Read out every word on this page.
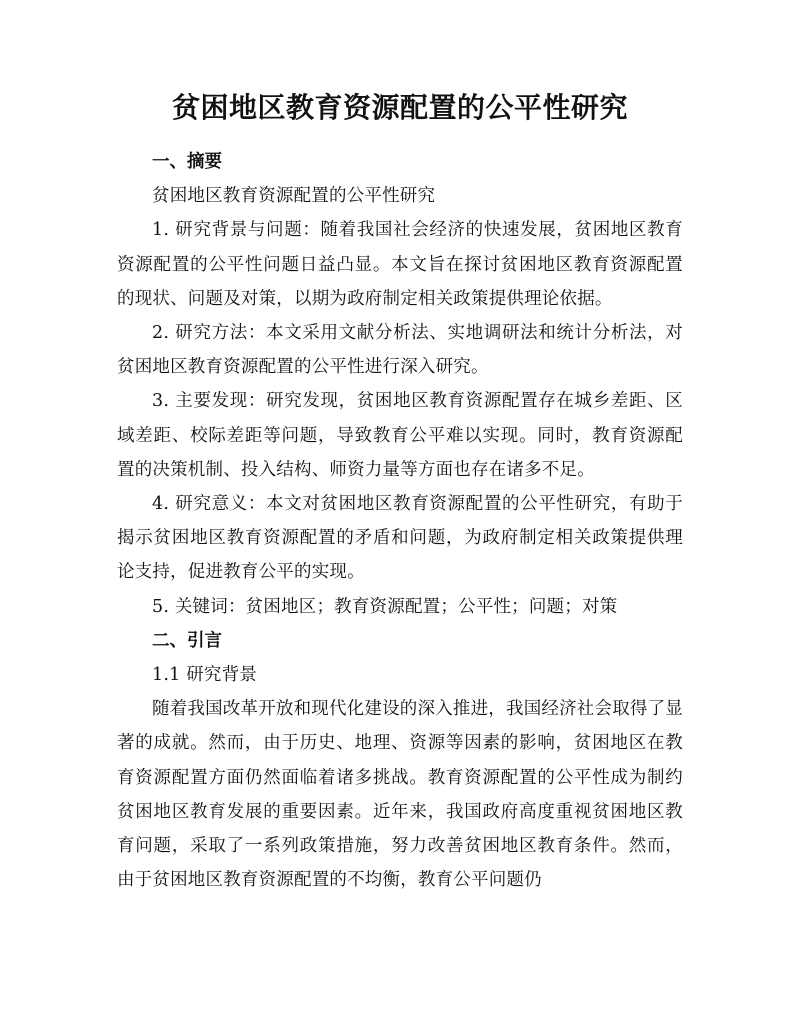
贫困地区教育资源配置的公平性研究

一、摘要

贫困地区教育资源配置的公平性研究

1. 研究背景与问题：随着我国社会经济的快速发展，贫困地区教育资源配置的公平性问题日益凸显。本文旨在探讨贫困地区教育资源配置的现状、问题及对策，以期为政府制定相关政策提供理论依据。

2. 研究方法：本文采用文献分析法、实地调研法和统计分析法，对贫困地区教育资源配置的公平性进行深入研究。

3. 主要发现：研究发现，贫困地区教育资源配置存在城乡差距、区域差距、校际差距等问题，导致教育公平难以实现。同时，教育资源配置的决策机制、投入结构、师资力量等方面也存在诸多不足。

4. 研究意义：本文对贫困地区教育资源配置的公平性研究，有助于揭示贫困地区教育资源配置的矛盾和问题，为政府制定相关政策提供理论支持，促进教育公平的实现。

5. 关键词：贫困地区；教育资源配置；公平性；问题；对策

二、引言

1.1 研究背景

随着我国改革开放和现代化建设的深入推进，我国经济社会取得了显著的成就。然而，由于历史、地理、资源等因素的影响，贫困地区在教育资源配置方面仍然面临着诸多挑战。教育资源配置的公平性成为制约贫困地区教育发展的重要因素。近年来，我国政府高度重视贫困地区教育问题，采取了一系列政策措施，努力改善贫困地区教育条件。然而，由于贫困地区教育资源配置的不均衡，教育公平问题仍
